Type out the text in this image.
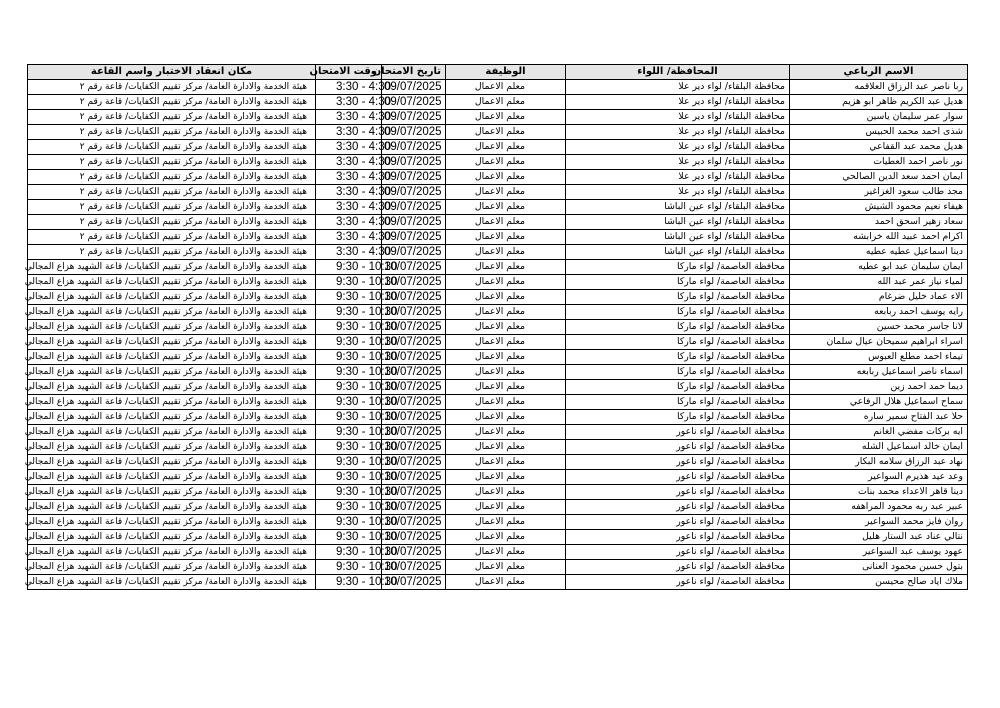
الاسم الرباعي	المحافظة/ اللواء	الوظيفة	تاريخ الامتحان	وقت الامتحان	مكان انعقاد الاختبار واسم القاعة
ربا ناصر عبد الرزاق العلاقمه	محافظة البلقاء/ لواء دير علا	معلم الاعمال	09/07/2025	3:30 - 4:30	هيئة الخدمة والادارة العامة/ مركز تقييم الكفايات/ قاعة رقم ٢
هديل عبد الكريم ظاهر ابو هزيم	محافظة البلقاء/ لواء دير علا	معلم الاعمال	09/07/2025	3:30 - 4:30	هيئة الخدمة والادارة العامة/ مركز تقييم الكفايات/ قاعة رقم ٢
سوار عمر سليمان ياسين	محافظة البلقاء/ لواء دير علا	معلم الاعمال	09/07/2025	3:30 - 4:30	هيئة الخدمة والادارة العامة/ مركز تقييم الكفايات/ قاعة رقم ٢
شذى احمد محمد الحبيس	محافظة البلقاء/ لواء دير علا	معلم الاعمال	09/07/2025	3:30 - 4:30	هيئة الخدمة والادارة العامة/ مركز تقييم الكفايات/ قاعة رقم ٢
هديل محمد عبد القفاعي	محافظة البلقاء/ لواء دير علا	معلم الاعمال	09/07/2025	3:30 - 4:30	هيئة الخدمة والادارة العامة/ مركز تقييم الكفايات/ قاعة رقم ٢
نور ناصر احمد العطيات	محافظة البلقاء/ لواء دير علا	معلم الاعمال	09/07/2025	3:30 - 4:30	هيئة الخدمة والادارة العامة/ مركز تقييم الكفايات/ قاعة رقم ٢
ايمان احمد سعد الدين الصالحي	محافظة البلقاء/ لواء دير علا	معلم الاعمال	09/07/2025	3:30 - 4:30	هيئة الخدمة والادارة العامة/ مركز تقييم الكفايات/ قاعة رقم ٢
مجد طالب سعود الغزاغير	محافظة البلقاء/ لواء دير علا	معلم الاعمال	09/07/2025	3:30 - 4:30	هيئة الخدمة والادارة العامة/ مركز تقييم الكفايات/ قاعة رقم ٢
هيفاء نعيم محمود الشيش	محافظة البلقاء/ لواء عين الباشا	معلم الاعمال	09/07/2025	3:30 - 4:30	هيئة الخدمة والادارة العامة/ مركز تقييم الكفايات/ قاعة رقم ٢
سعاد زهير اسحق احمد	محافظة البلقاء/ لواء عين الباشا	معلم الاعمال	09/07/2025	3:30 - 4:30	هيئة الخدمة والادارة العامة/ مركز تقييم الكفايات/ قاعة رقم ٢
اكرام احمد عبيد الله خرابشه	محافظة البلقاء/ لواء عين الباشا	معلم الاعمال	09/07/2025	3:30 - 4:30	هيئة الخدمة والادارة العامة/ مركز تقييم الكفايات/ قاعة رقم ٢
دينا اسماعيل عطيه عطيه	محافظة البلقاء/ لواء عين الباشا	معلم الاعمال	09/07/2025	3:30 - 4:30	هيئة الخدمة والادارة العامة/ مركز تقييم الكفايات/ قاعة رقم ٢
ايمان سليمان عبد ابو عطيه	محافظة العاصمة/ لواء ماركا	معلم الاعمال	10/07/2025	9:30 - 10:30	هيئة الخدمة والادارة العامة/ مركز تقييم الكفايات/ قاعة الشهيد هزاع المجالي
لمياء نياز عمر عبد الله	محافظة العاصمة/ لواء ماركا	معلم الاعمال	10/07/2025	9:30 - 10:30	هيئة الخدمة والادارة العامة/ مركز تقييم الكفايات/ قاعة الشهيد هزاع المجالي
الاء عماد خليل ضرغام	محافظة العاصمة/ لواء ماركا	معلم الاعمال	10/07/2025	9:30 - 10:30	هيئة الخدمة والادارة العامة/ مركز تقييم الكفايات/ قاعة الشهيد هزاع المجالي
رايه يوسف احمد ربابعه	محافظة العاصمة/ لواء ماركا	معلم الاعمال	10/07/2025	9:30 - 10:30	هيئة الخدمة والادارة العامة/ مركز تقييم الكفايات/ قاعة الشهيد هزاع المجالي
لانا جاسر محمد حسين	محافظة العاصمة/ لواء ماركا	معلم الاعمال	10/07/2025	9:30 - 10:30	هيئة الخدمة والادارة العامة/ مركز تقييم الكفايات/ قاعة الشهيد هزاع المجالي
اسراء ابراهيم سميحان عيال سلمان	محافظة العاصمة/ لواء ماركا	معلم الاعمال	10/07/2025	9:30 - 10:30	هيئة الخدمة والادارة العامة/ مركز تقييم الكفايات/ قاعة الشهيد هزاع المجالي
تيماء احمد مطلع العبوس	محافظة العاصمة/ لواء ماركا	معلم الاعمال	10/07/2025	9:30 - 10:30	هيئة الخدمة والادارة العامة/ مركز تقييم الكفايات/ قاعة الشهيد هزاع المجالي
اسماء ناصر اسماعيل ربابعه	محافظة العاصمة/ لواء ماركا	معلم الاعمال	10/07/2025	9:30 - 10:30	هيئة الخدمة والادارة العامة/ مركز تقييم الكفايات/ قاعة الشهيد هزاع المجالي
ديما حمد احمد زين	محافظة العاصمة/ لواء ماركا	معلم الاعمال	10/07/2025	9:30 - 10:30	هيئة الخدمة والادارة العامة/ مركز تقييم الكفايات/ قاعة الشهيد هزاع المجالي
سماح اسماعيل هلال الرفاعي	محافظة العاصمة/ لواء ماركا	معلم الاعمال	10/07/2025	9:30 - 10:30	هيئة الخدمة والادارة العامة/ مركز تقييم الكفايات/ قاعة الشهيد هزاع المجالي
حلا عبد الفتاح سمير ساره	محافظة العاصمة/ لواء ماركا	معلم الاعمال	10/07/2025	9:30 - 10:30	هيئة الخدمة والادارة العامة/ مركز تقييم الكفايات/ قاعة الشهيد هزاع المجالي
ايه بركات مفضي الغانم	محافظة العاصمة/ لواء ناعور	معلم الاعمال	10/07/2025	9:30 - 10:30	هيئة الخدمة والادارة العامة/ مركز تقييم الكفايات/ قاعة الشهيد هزاع المجالي
ايمان خالد اسماعيل الشله	محافظة العاصمة/ لواء ناعور	معلم الاعمال	10/07/2025	9:30 - 10:30	هيئة الخدمة والادارة العامة/ مركز تقييم الكفايات/ قاعة الشهيد هزاع المجالي
نهاد عبد الرزاق سلامه البكار	محافظة العاصمة/ لواء ناعور	معلم الاعمال	10/07/2025	9:30 - 10:30	هيئة الخدمة والادارة العامة/ مركز تقييم الكفايات/ قاعة الشهيد هزاع المجالي
وعد عيد هذيرم السواعير	محافظة العاصمة/ لواء ناعور	معلم الاعمال	10/07/2025	9:30 - 10:30	هيئة الخدمة والادارة العامة/ مركز تقييم الكفايات/ قاعة الشهيد هزاع المجالي
دينا قاهر الاعداء محمد بنات	محافظة العاصمة/ لواء ناعور	معلم الاعمال	10/07/2025	9:30 - 10:30	هيئة الخدمة والادارة العامة/ مركز تقييم الكفايات/ قاعة الشهيد هزاع المجالي
عبير عبد ربه محمود المراهفه	محافظة العاصمة/ لواء ناعور	معلم الاعمال	10/07/2025	9:30 - 10:30	هيئة الخدمة والادارة العامة/ مركز تقييم الكفايات/ قاعة الشهيد هزاع المجالي
روان فايز محمد السواعير	محافظة العاصمة/ لواء ناعور	معلم الاعمال	10/07/2025	9:30 - 10:30	هيئة الخدمة والادارة العامة/ مركز تقييم الكفايات/ قاعة الشهيد هزاع المجالي
نتالي عناد عبد الستار هليل	محافظة العاصمة/ لواء ناعور	معلم الاعمال	10/07/2025	9:30 - 10:30	هيئة الخدمة والادارة العامة/ مركز تقييم الكفايات/ قاعة الشهيد هزاع المجالي
عهود يوسف عبد السواعير	محافظة العاصمة/ لواء ناعور	معلم الاعمال	10/07/2025	9:30 - 10:30	هيئة الخدمة والادارة العامة/ مركز تقييم الكفايات/ قاعة الشهيد هزاع المجالي
بتول حسين محمود العنانى	محافظة العاصمة/ لواء ناعور	معلم الاعمال	10/07/2025	9:30 - 10:30	هيئة الخدمة والادارة العامة/ مركز تقييم الكفايات/ قاعة الشهيد هزاع المجالي
ملاك اياد صالح محيسن	محافظة العاصمة/ لواء ناعور	معلم الاعمال	10/07/2025	9:30 - 10:30	هيئة الخدمة والادارة العامة/ مركز تقييم الكفايات/ قاعة الشهيد هزاع المجالي
